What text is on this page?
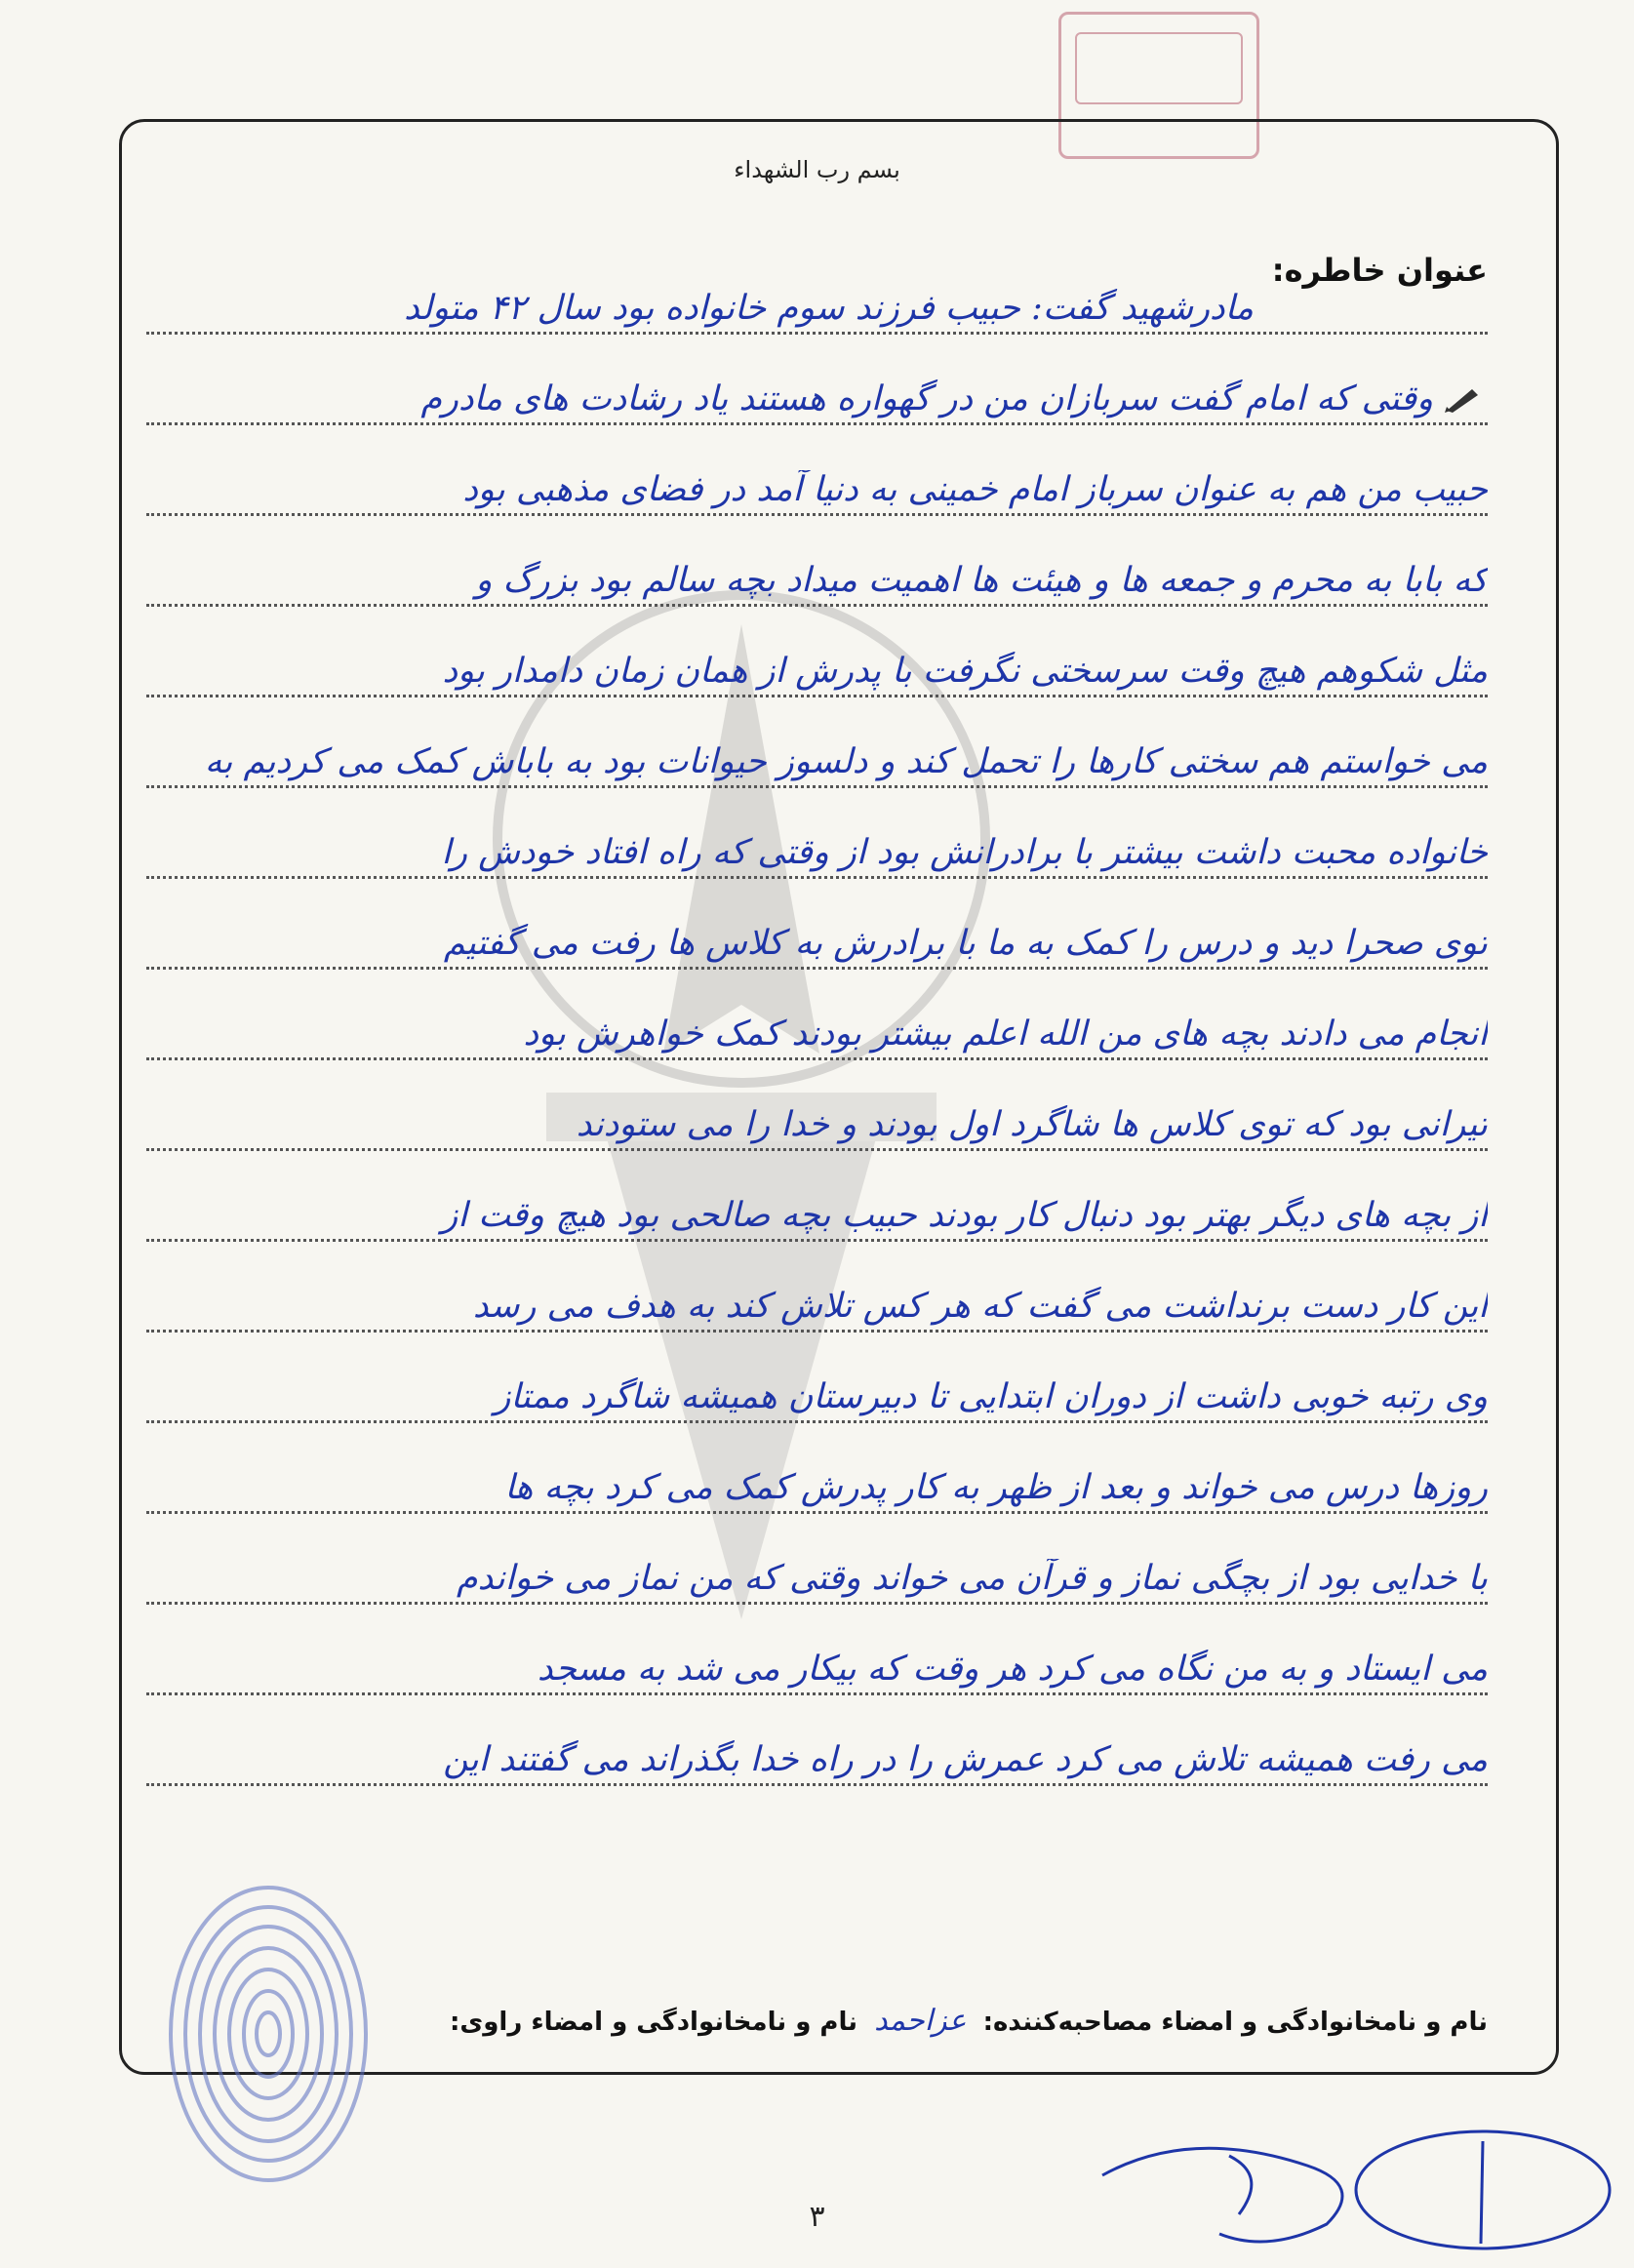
بسم رب الشهداء
عنوان خاطره:
مادرشهید گفت: حبیب فرزند سوم خانواده بود سال ۴۲ متولد
وقتی که امام گفت سربازان من در گهواره هستند یاد رشادت های مادرم
حبیب من هم به عنوان سرباز امام خمینی به دنیا آمد در فضای مذهبی بود
که بابا به محرم و جمعه ها و هیئت ها اهمیت میداد بچه سالم بود بزرگ و
مثل شکوهم هیچ وقت سرسختی نگرفت با پدرش از همان زمان دامدار بود
می خواستم هم سختی کارها را تحمل کند و دلسوز حیوانات بود به باباش کمک می کردیم به
خانواده محبت داشت بیشتر با برادرانش بود از وقتی که راه افتاد خودش را
توی صحرا دید و درس را کمک به ما با برادرش به کلاس ها رفت می گفتیم
انجام می دادند بچه های من الله اعلم بیشتر بودند کمک خواهرش بود
تیرانی بود که توی کلاس ها شاگرد اول بودند و خدا را می ستودند
از بچه های دیگر بهتر بود دنبال کار بودند حبیب بچه صالحی بود هیچ وقت از
این کار دست برنداشت می گفت که هر کس تلاش کند به هدف می رسد
وی رتبه خوبی داشت از دوران ابتدایی تا دبیرستان همیشه شاگرد ممتاز
روزها درس می خواند و بعد از ظهر به کار پدرش کمک می کرد بچه ها
با خدایی بود از بچگی نماز و قرآن می خواند وقتی که من نماز می خواندم
می ایستاد و به من نگاه می کرد هر وقت که بیکار می شد به مسجد
می رفت همیشه تلاش می کرد عمرش را در راه خدا بگذراند می گفتند این
نام و نامخانوادگی و امضاء مصاحبه‌کننده: عزاحمد نام و نامخانوادگی و امضاء راوی:
۳
